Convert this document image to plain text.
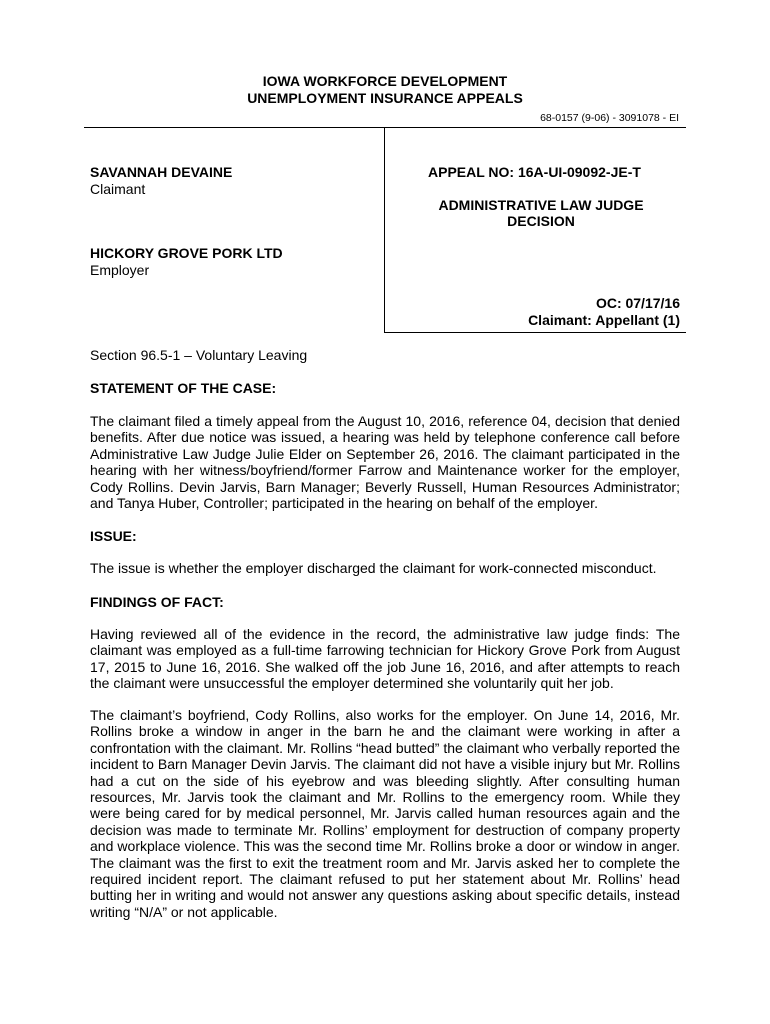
IOWA WORKFORCE DEVELOPMENT
UNEMPLOYMENT INSURANCE APPEALS
68-0157 (9-06) - 3091078 - EI
SAVANNAH DEVAINE
Claimant
HICKORY GROVE PORK LTD
Employer
APPEAL NO: 16A-UI-09092-JE-T
ADMINISTRATIVE LAW JUDGE
DECISION
OC: 07/17/16
Claimant: Appellant (1)
Section 96.5-1 – Voluntary Leaving
STATEMENT OF THE CASE:
The claimant filed a timely appeal from the August 10, 2016, reference 04, decision that denied benefits. After due notice was issued, a hearing was held by telephone conference call before Administrative Law Judge Julie Elder on September 26, 2016. The claimant participated in the hearing with her witness/boyfriend/former Farrow and Maintenance worker for the employer, Cody Rollins. Devin Jarvis, Barn Manager; Beverly Russell, Human Resources Administrator; and Tanya Huber, Controller; participated in the hearing on behalf of the employer.
ISSUE:
The issue is whether the employer discharged the claimant for work-connected misconduct.
FINDINGS OF FACT:
Having reviewed all of the evidence in the record, the administrative law judge finds: The claimant was employed as a full-time farrowing technician for Hickory Grove Pork from August 17, 2015 to June 16, 2016. She walked off the job June 16, 2016, and after attempts to reach the claimant were unsuccessful the employer determined she voluntarily quit her job.
The claimant’s boyfriend, Cody Rollins, also works for the employer. On June 14, 2016, Mr. Rollins broke a window in anger in the barn he and the claimant were working in after a confrontation with the claimant. Mr. Rollins “head butted” the claimant who verbally reported the incident to Barn Manager Devin Jarvis. The claimant did not have a visible injury but Mr. Rollins had a cut on the side of his eyebrow and was bleeding slightly. After consulting human resources, Mr. Jarvis took the claimant and Mr. Rollins to the emergency room. While they were being cared for by medical personnel, Mr. Jarvis called human resources again and the decision was made to terminate Mr. Rollins’ employment for destruction of company property and workplace violence. This was the second time Mr. Rollins broke a door or window in anger. The claimant was the first to exit the treatment room and Mr. Jarvis asked her to complete the required incident report. The claimant refused to put her statement about Mr. Rollins’ head butting her in writing and would not answer any questions asking about specific details, instead writing “N/A” or not applicable.
